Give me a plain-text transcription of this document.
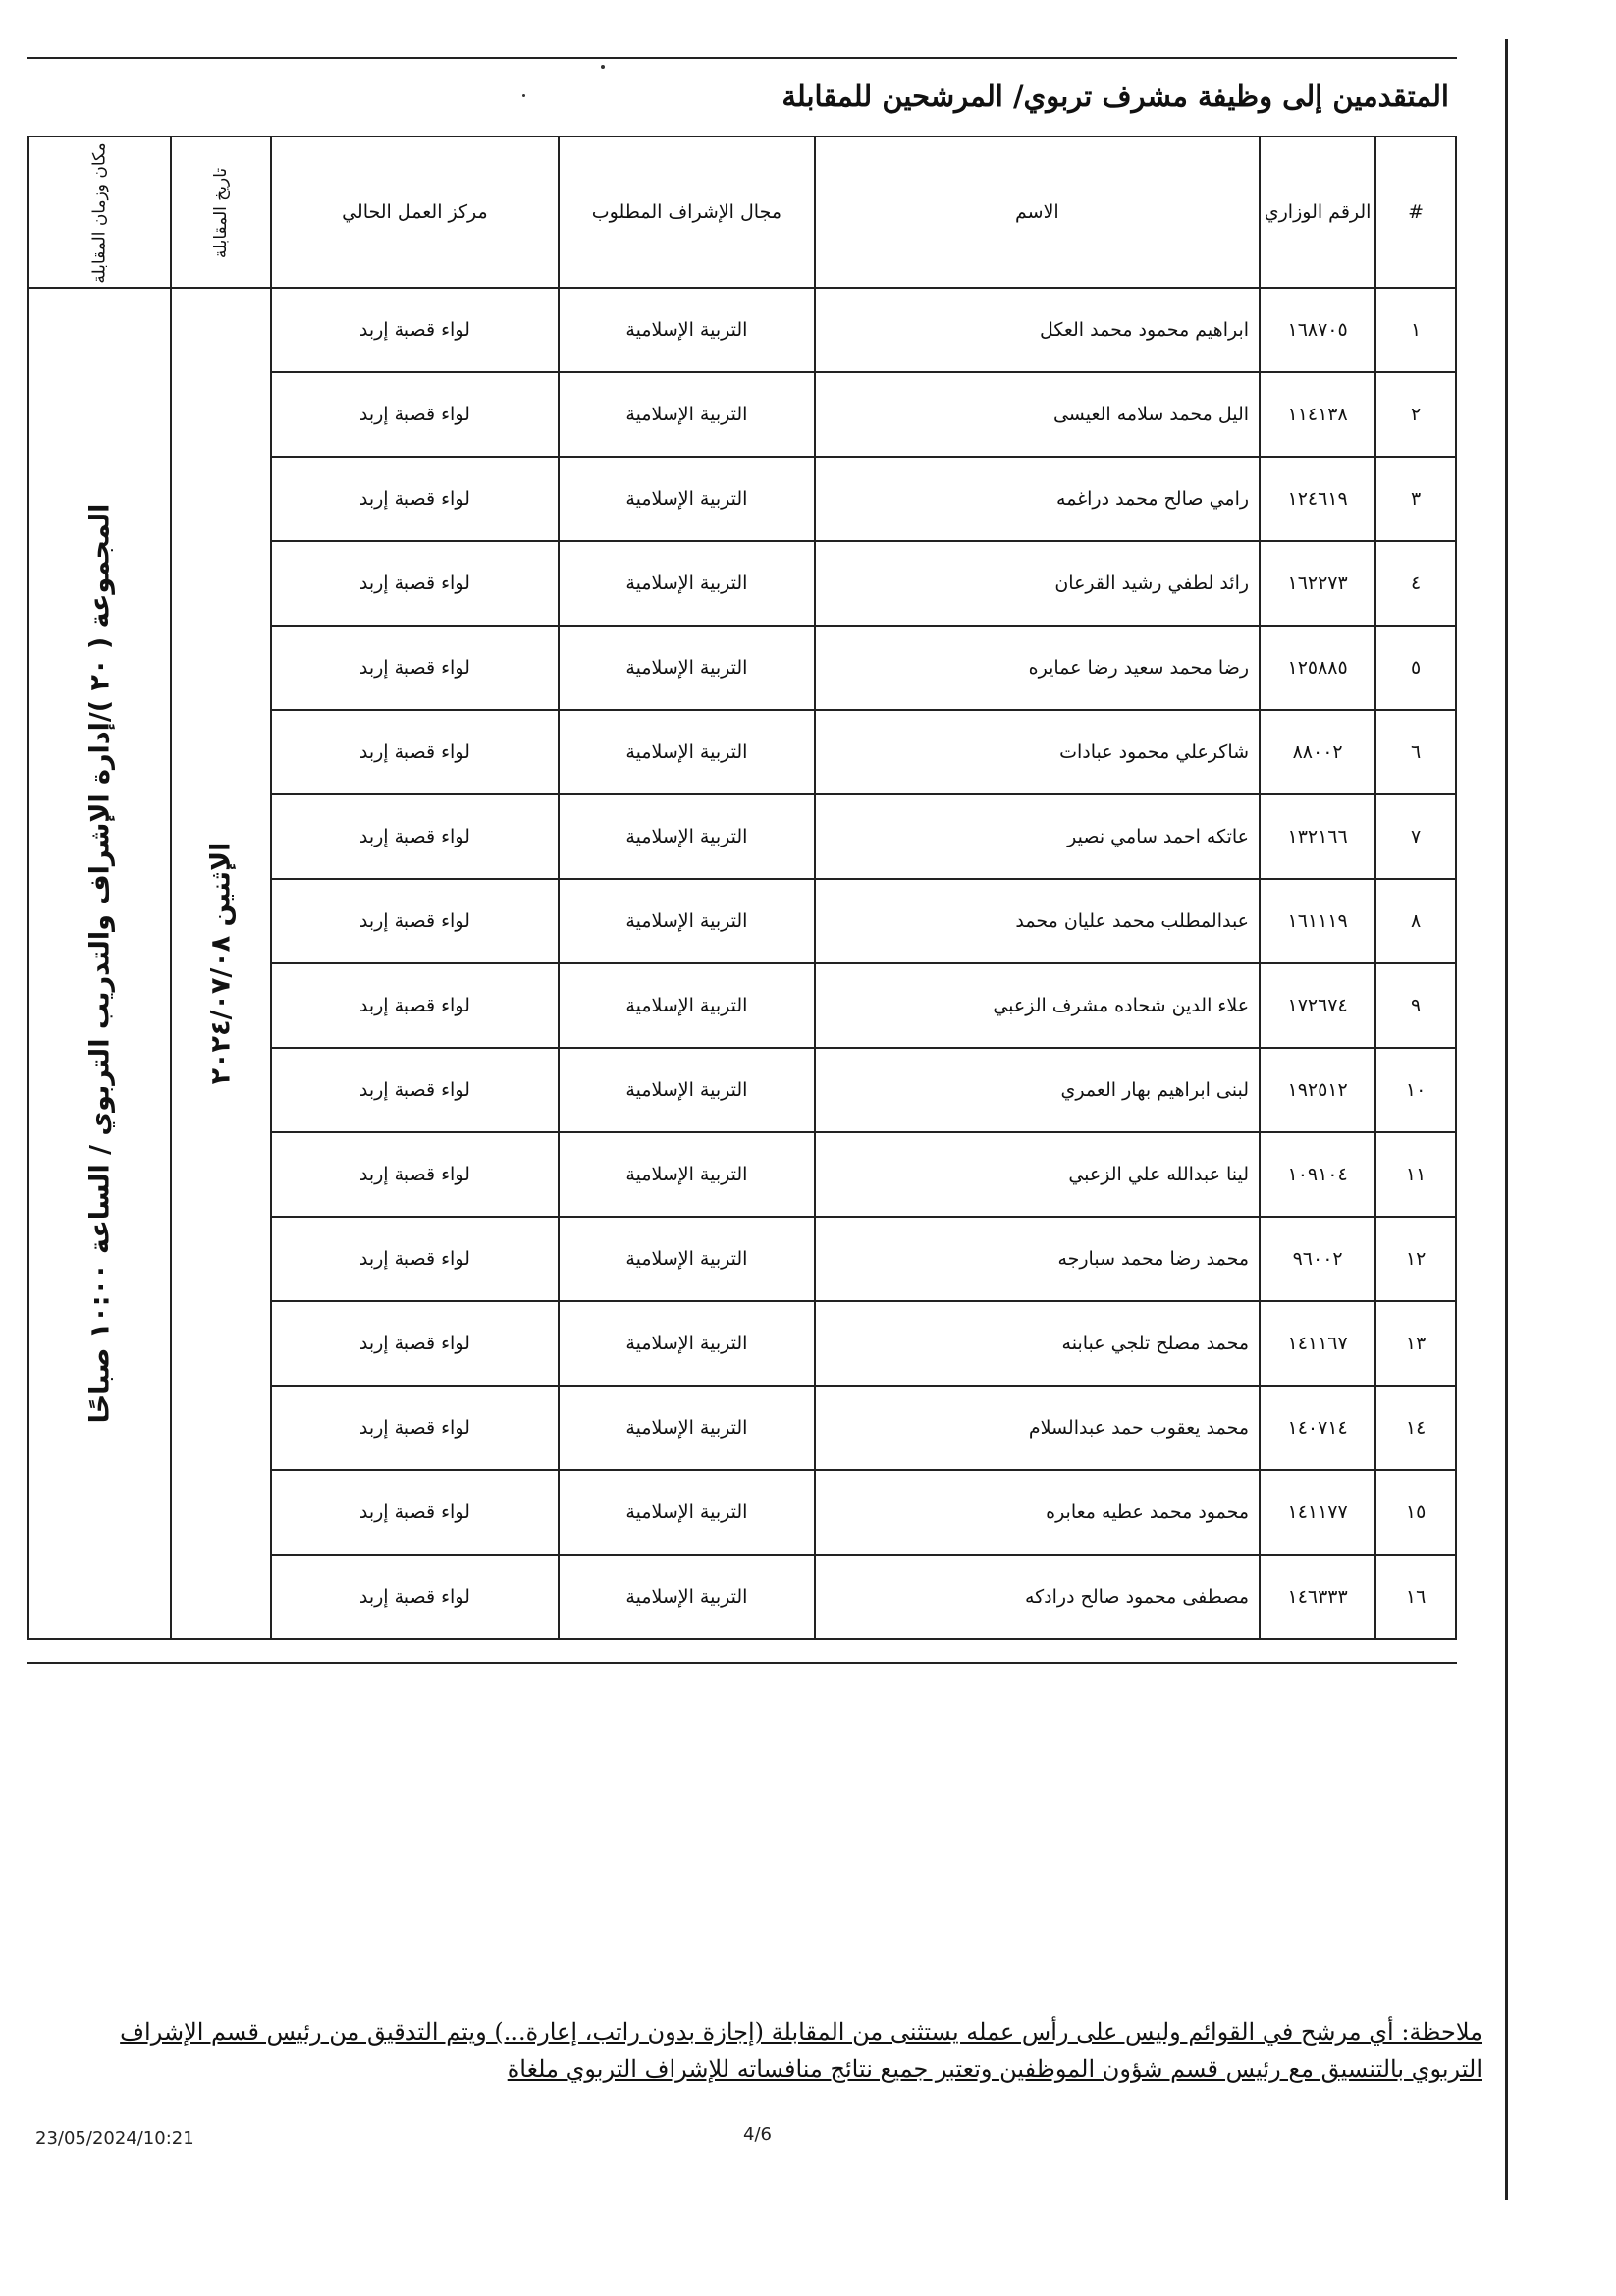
المتقدمين إلى وظيفة مشرف تربوي/ المرشحين للمقابلة
#	الرقم الوزاري	الاسم	مجال الإشراف المطلوب	مركز العمل الحالي	تاريخ المقابلة	مكان وزمان المقابلة
١	١٦٨٧٠٥	ابراهيم محمود محمد العكل	التربية الإسلامية	لواء قصبة إربد	الإثنين ٢٠٢٤/٠٧/٠٨	المجموعة ( ٢٠ )/إدارة الإشراف والتدريب التربوي / الساعة ١٠:٠٠ صباحًا

٢	١١٤١٣٨	اليل محمد سلامه العيسى	التربية الإسلامية	لواء قصبة إربد		
٣	١٢٤٦١٩	رامي صالح محمد دراغمه	التربية الإسلامية	لواء قصبة إربد		
٤	١٦٢٢٧٣	رائد لطفي رشيد القرعان	التربية الإسلامية	لواء قصبة إربد		
٥	١٢٥٨٨٥	رضا محمد سعيد رضا عمايره	التربية الإسلامية	لواء قصبة إربد		
٦	٨٨٠٠٢	شاكرعلي محمود عبادات	التربية الإسلامية	لواء قصبة إربد		
٧	١٣٢١٦٦	عاتكه احمد سامي نصير	التربية الإسلامية	لواء قصبة إربد		
٨	١٦١١١٩	عبدالمطلب محمد عليان محمد	التربية الإسلامية	لواء قصبة إربد		
٩	١٧٢٦٧٤	علاء الدين شحاده مشرف الزعبي	التربية الإسلامية	لواء قصبة إربد		
١٠	١٩٢٥١٢	لبنى ابراهيم بهار العمري	التربية الإسلامية	لواء قصبة إربد		
١١	١٠٩١٠٤	لينا عبدالله علي الزعبي	التربية الإسلامية	لواء قصبة إربد		
١٢	٩٦٠٠٢	محمد رضا محمد سبارجه	التربية الإسلامية	لواء قصبة إربد		
١٣	١٤١١٦٧	محمد مصلح تلجي عبابنه	التربية الإسلامية	لواء قصبة إربد		
١٤	١٤٠٧١٤	محمد يعقوب حمد عبدالسلام	التربية الإسلامية	لواء قصبة إربد		
١٥	١٤١١٧٧	محمود محمد عطيه معابره	التربية الإسلامية	لواء قصبة إربد		
١٦	١٤٦٣٣٣	مصطفى محمود صالح درادكه	التربية الإسلامية	لواء قصبة إربد		
ملاحظة: أي مرشح في القوائم وليس على رأس عمله يستثنى من المقابلة (إجازة بدون راتب، إعارة...) ويتم التدقيق من رئيس قسم الإشراف التربوي بالتنسيق مع رئيس قسم شؤون الموظفين وتعتبر جميع نتائج منافساته للإشراف التربوي ملغاة
23/05/2024/10:21	4/6
